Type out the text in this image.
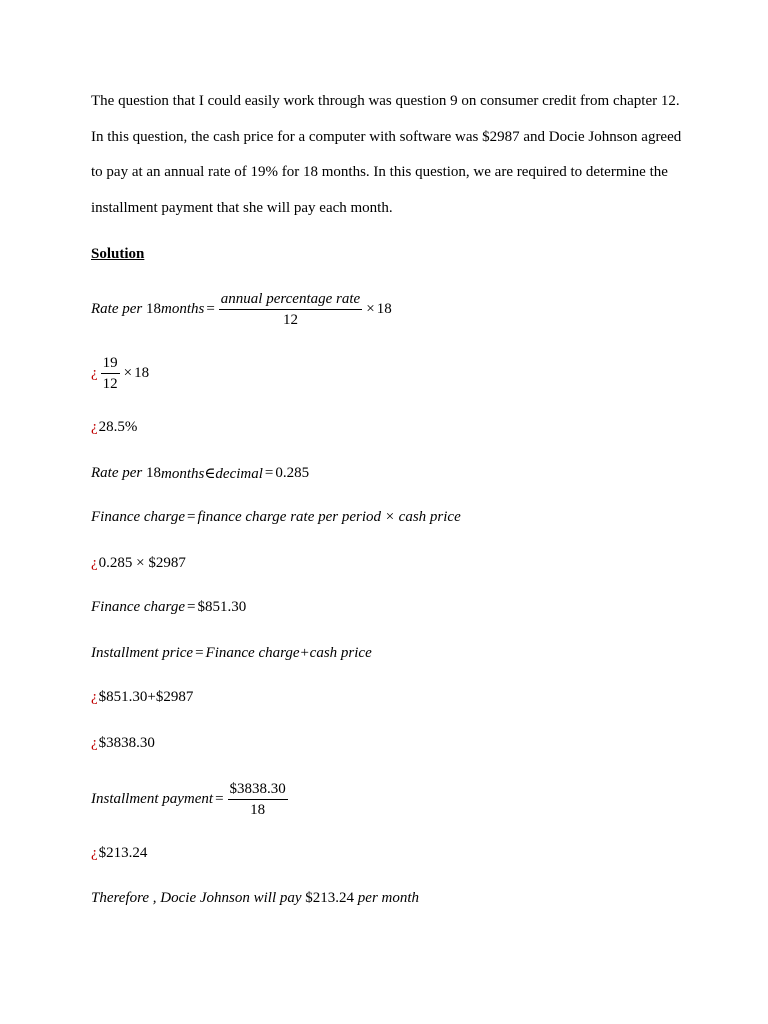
The question that I could easily work through was question 9 on consumer credit from chapter 12. In this question, the cash price for a computer with software was $2987 and Docie Johnson agreed to pay at an annual rate of 19% for 18 months. In this question, we are required to determine the installment payment that she will pay each month.

Solution
Rate per
18 months = $\frac{\text{annual percentage rate}}{12} \times 18$
¿ $\frac{19}{12} \times 18$
¿ 28.5%
Rate per
18 months∈decimal = 0.285
Finance charge = finance charge rate per period × cash price
¿ 0.285 × $2987
Finance charge = $851.30
Installment price = Finance charge+cash price
¿ $851.30+$2987
¿ $3838.30
Installment payment = $\frac{\$3838.30}{18}$
¿ $213.24
Therefore , Docie Johnson will pay
$213.24
per month
